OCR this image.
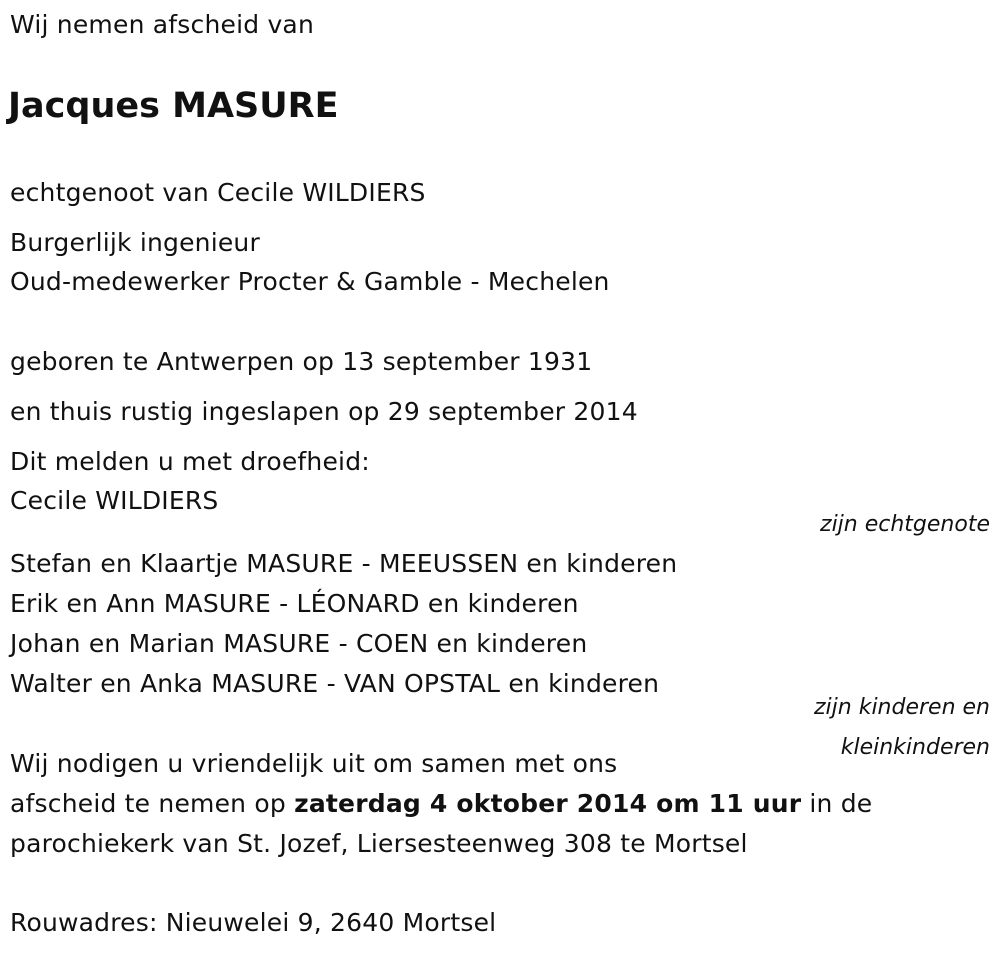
Wij nemen afscheid van
Jacques MASURE
echtgenoot van Cecile WILDIERS
Burgerlijk ingenieur
Oud-medewerker Procter & Gamble - Mechelen
geboren te Antwerpen op 13 september 1931
en thuis rustig ingeslapen op 29 september 2014
Dit melden u met droefheid:
Cecile WILDIERS
zijn echtgenote
Stefan en Klaartje MASURE - MEEUSSEN en kinderen
Erik en Ann MASURE - LÉONARD en kinderen
Johan en Marian MASURE - COEN en kinderen
Walter en Anka MASURE - VAN OPSTAL en kinderen
zijn kinderen en
kleinkinderen
Wij nodigen u vriendelijk uit om samen met ons
afscheid te nemen op zaterdag 4 oktober 2014 om 11 uur in de
parochiekerk van St. Jozef, Liersesteenweg 308 te Mortsel
Rouwadres: Nieuwelei 9, 2640 Mortsel
